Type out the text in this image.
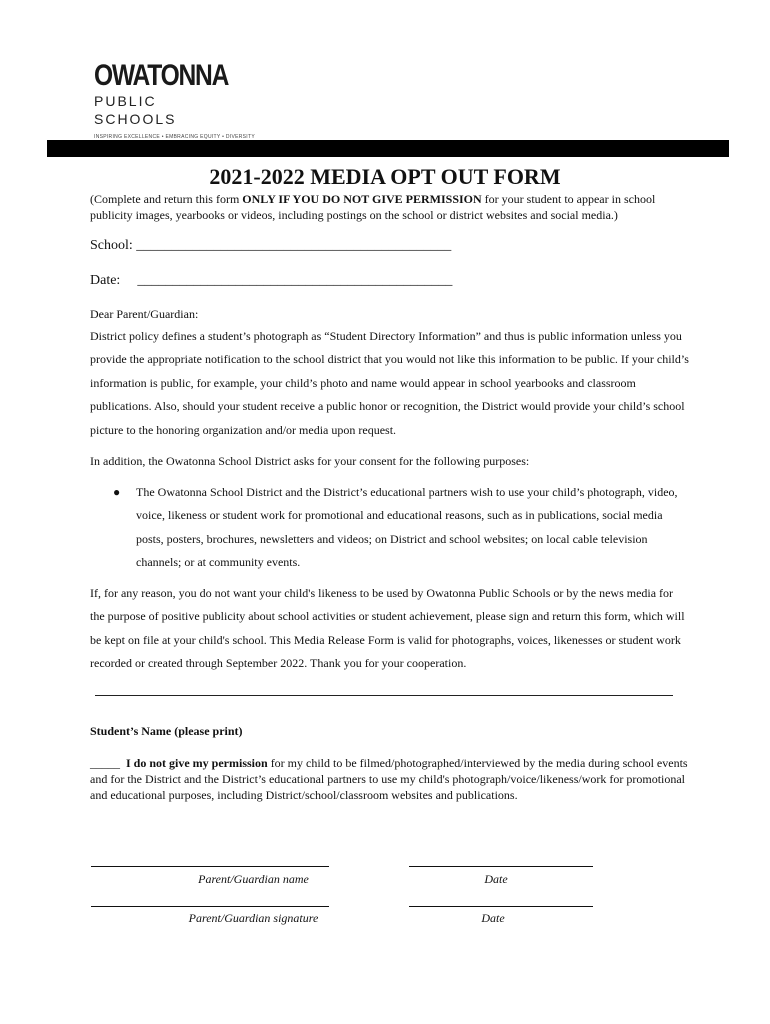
OWATONNA
PUBLIC SCHOOLS
INSPIRING EXCELLENCE • EMBRACING EQUITY • DIVERSITY
2021-2022 MEDIA OPT OUT FORM
(Complete and return this form ONLY IF YOU DO NOT GIVE PERMISSION for your student to appear in school publicity images, yearbooks or videos, including postings on the school or district websites and social media.)
School: _____________________________________________
Date: _____________________________________________
Dear Parent/Guardian:
District policy defines a student’s photograph as “Student Directory Information” and thus is public information unless you provide the appropriate notification to the school district that you would not like this information to be public. If your child’s information is public, for example, your child’s photo and name would appear in school yearbooks and classroom publications. Also, should your student receive a public honor or recognition, the District would provide your child’s school picture to the honoring organization and/or media upon request.
In addition, the Owatonna School District asks for your consent for the following purposes:
● The Owatonna School District and the District’s educational partners wish to use your child’s photograph, video, voice, likeness or student work for promotional and educational reasons, such as in publications, social media posts, posters, brochures, newsletters and videos; on District and school websites; on local cable television channels; or at community events.
If, for any reason, you do not want your child's likeness to be used by Owatonna Public Schools or by the news media for the purpose of positive publicity about school activities or student achievement, please sign and return this form, which will be kept on file at your child's school. This Media Release Form is valid for photographs, voices, likenesses or student work recorded or created through September 2022. Thank you for your cooperation.
Student’s Name (please print)
_____ I do not give my permission for my child to be filmed/photographed/interviewed by the media during school events and for the District and the District’s educational partners to use my child's photograph/voice/likeness/work for promotional and educational purposes, including District/school/classroom websites and publications.
Parent/Guardian name	Date
Parent/Guardian signature	Date
